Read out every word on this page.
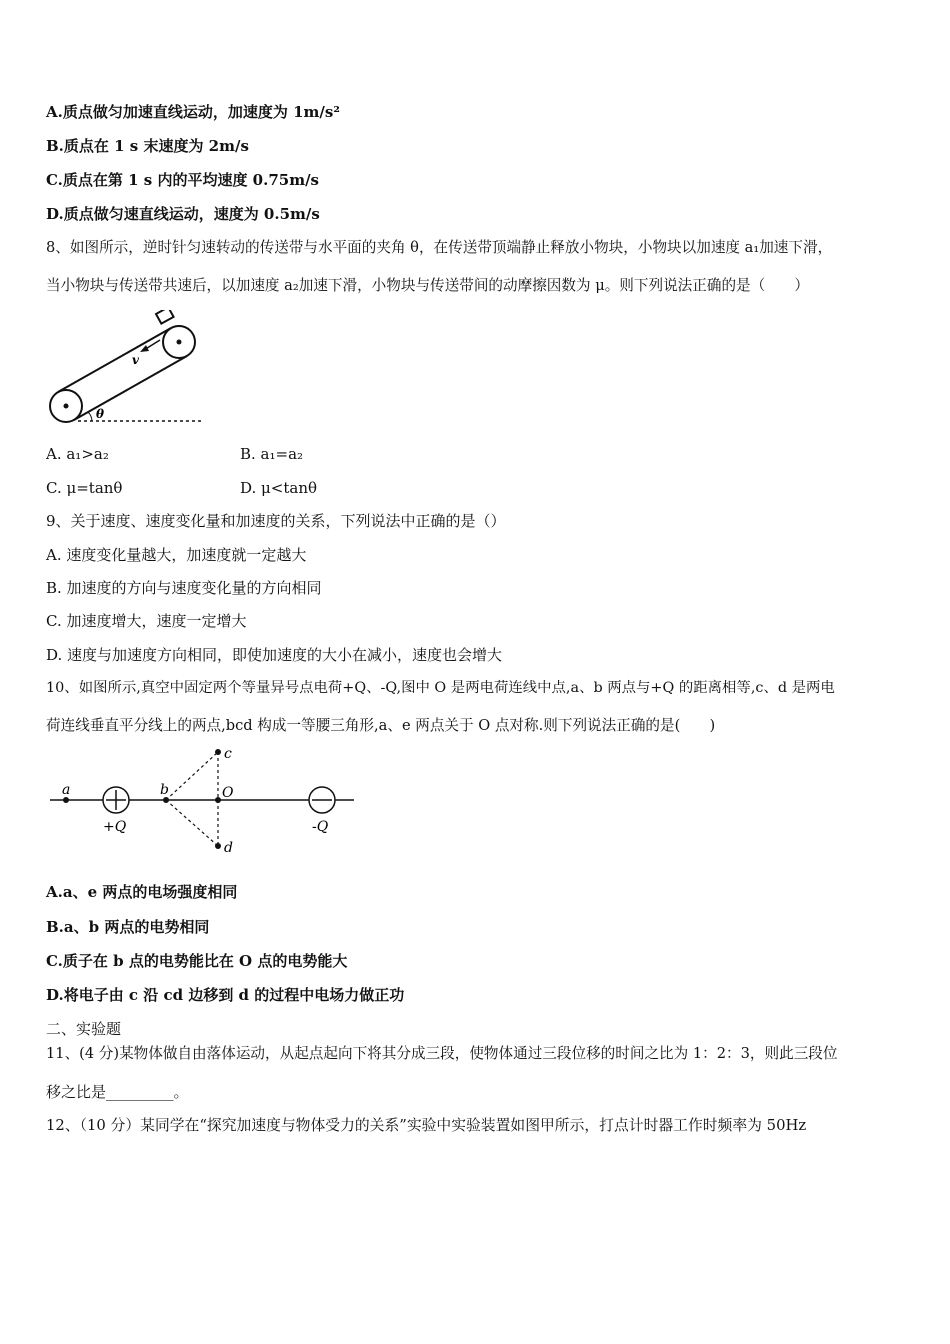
A.质点做匀加速直线运动，加速度为 1m/s²
B.质点在 1 s 末速度为 2m/s
C.质点在第 1 s 内的平均速度 0.75m/s
D.质点做匀速直线运动，速度为 0.5m/s
8、如图所示，逆时针匀速转动的传送带与水平面的夹角 θ，在传送带顶端静止释放小物块，小物块以加速度 a₁加速下滑，
当小物块与传送带共速后，以加速度 a₂加速下滑，小物块与传送带间的动摩擦因数为 μ。则下列说法正确的是（　　）
v
θ
A. a₁>a₂	B. a₁=a₂
C. μ=tanθ	D. μ<tanθ
9、关于速度、速度变化量和加速度的关系，下列说法中正确的是（）
A. 速度变化量越大，加速度就一定越大
B. 加速度的方向与速度变化量的方向相同
C. 加速度增大，速度一定增大
D. 速度与加速度方向相同，即使加速度的大小在减小，速度也会增大
10、如图所示,真空中固定两个等量异号点电荷+Q、-Q,图中 O 是两电荷连线中点,a、b 两点与+Q 的距离相等,c、d 是两电
荷连线垂直平分线上的两点,bcd 构成一等腰三角形,a、e 两点关于 O 点对称.则下列说法正确的是(　　)
a
+Q
b	O
c
d
-Q
A.a、e 两点的电场强度相同
B.a、b 两点的电势相同
C.质子在 b 点的电势能比在 O 点的电势能大
D.将电子由 c 沿 cd 边移到 d 的过程中电场力做正功
二、实验题
11、(4 分)某物体做自由落体运动，从起点起向下将其分成三段，使物体通过三段位移的时间之比为 1：2：3，则此三段位
移之比是_________。
12、（10 分）某同学在“探究加速度与物体受力的关系”实验中实验装置如图甲所示，打点计时器工作时频率为 50Hz
